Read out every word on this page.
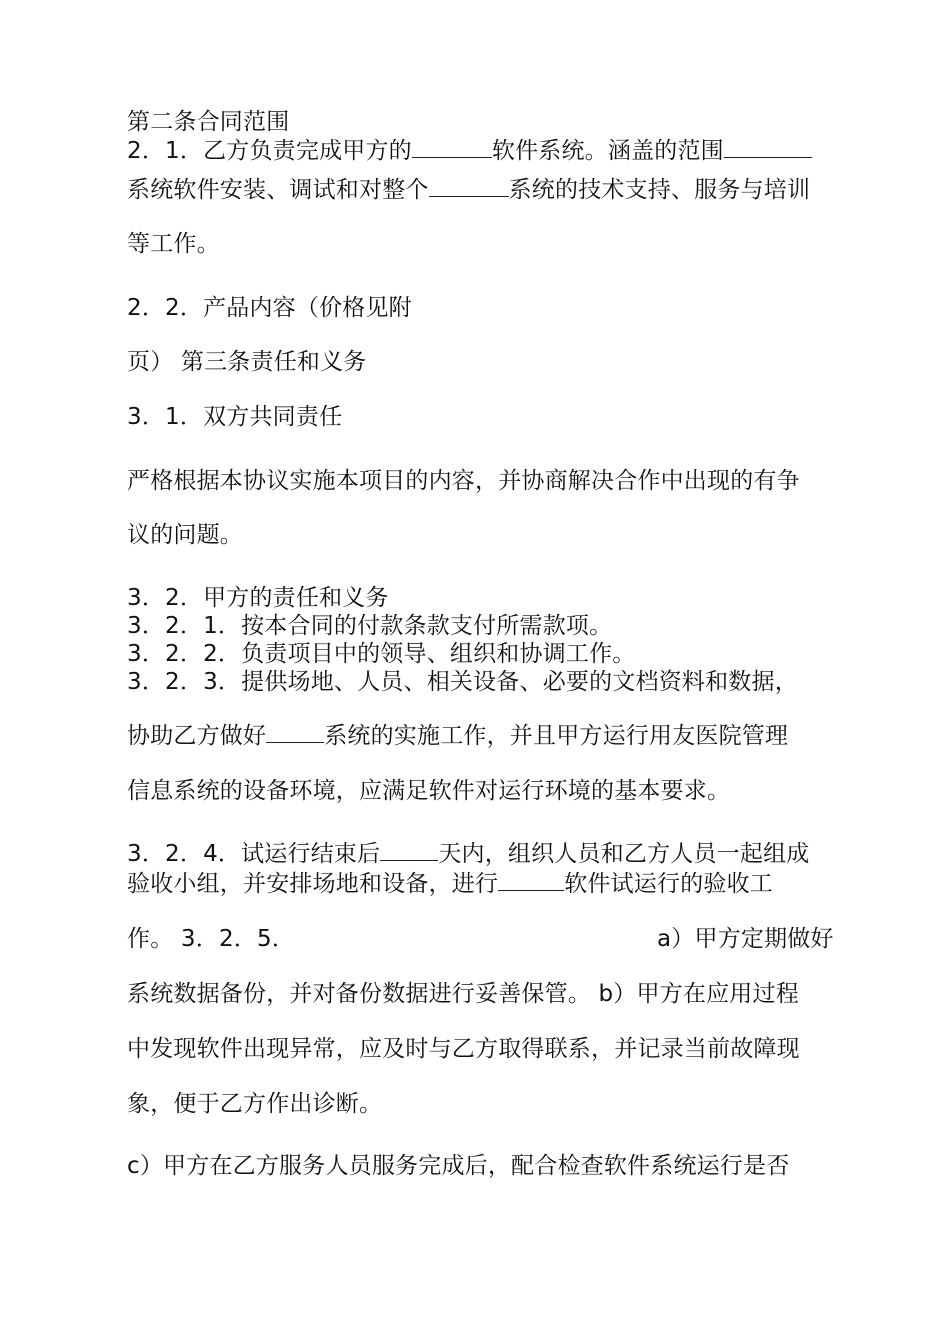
第二条合同范围
2．1．乙方负责完成甲方的	软件系统。涵盖的范围
系统软件安装、调试和对整个	系统的技术支持、服务与培训
等工作。
2．2．产品内容（价格见附
页） 第三条责任和义务
3．1．双方共同责任
严格根据本协议实施本项目的内容，并协商解决合作中出现的有争
议的问题。
3．2．甲方的责任和义务
3．2．1．按本合同的付款条款支付所需款项。
3．2．2．负责项目中的领导、组织和协调工作。
3．2．3．提供场地、人员、相关设备、必要的文档资料和数据，
协助乙方做好	系统的实施工作，并且甲方运行用友医院管理
信息系统的设备环境，应满足软件对运行环境的基本要求。
3．2．4．试运行结束后	天内，组织人员和乙方人员一起组成
验收小组，并安排场地和设备，进行	软件试运行的验收工
作。 3．2．5．	a）甲方定期做好
系统数据备份，并对备份数据进行妥善保管。 b）甲方在应用过程
中发现软件出现异常，应及时与乙方取得联系，并记录当前故障现
象，便于乙方作出诊断。
c）甲方在乙方服务人员服务完成后，配合检查软件系统运行是否
